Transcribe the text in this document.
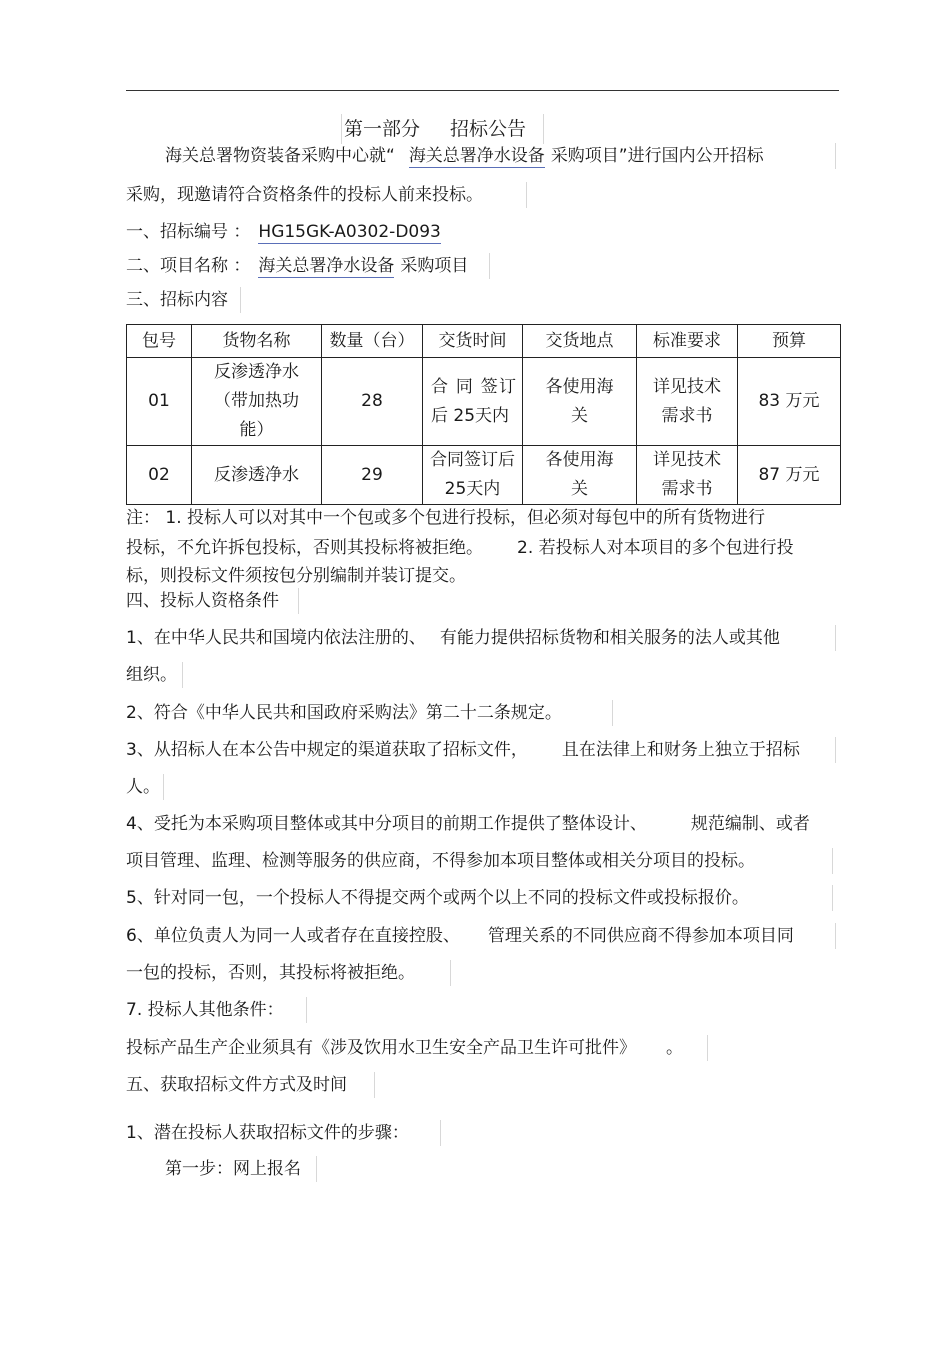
第一部分 招标公告
海关总署物资装备采购中心就“ 海关总署净水设备 采购项目”进行国内公开招标
采购，现邀请符合资格条件的投标人前来投标。
一、招标编号 ： HG15GK-A0302-D093
二、项目名称 ： 海关总署净水设备 采购项目
三、招标内容
包号	货物名称	数量（台）	交货时间	交货地点	标准要求	预算
01	反渗透净水（带加热功能）	28	合 同 签订后 25天内	各使用海关	详见技术需求书	83 万元
02	反渗透净水	29	合同签订后25天内	各使用海关	详见技术需求书	87 万元
注： 1. 投标人可以对其中一个包或多个包进行投标，但必须对每包中的所有货物进行
投标，不允许拆包投标，否则其投标将被拒绝。 2. 若投标人对本项目的多个包进行投
标，则投标文件须按包分别编制并装订提交。
四、投标人资格条件
1、在中华人民共和国境内依法注册的、 有能力提供招标货物和相关服务的法人或其他
组织。
2、符合《中华人民共和国政府采购法》第二十二条规定。
3、从招标人在本公告中规定的渠道获取了招标文件， 且在法律上和财务上独立于招标
人。
4、受托为本采购项目整体或其中分项目的前期工作提供了整体设计、	规范编制、或者
项目管理、监理、检测等服务的供应商，不得参加本项目整体或相关分项目的投标。
5、针对同一包，一个投标人不得提交两个或两个以上不同的投标文件或投标报价。
6、单位负责人为同一人或者存在直接控股、 管理关系的不同供应商不得参加本项目同
一包的投标，否则，其投标将被拒绝。
7. 投标人其他条件：
投标产品生产企业须具有《涉及饮用水卫生安全产品卫生许可批件》 。
五、获取招标文件方式及时间
1、潜在投标人获取招标文件的步骤：
第一步：网上报名
